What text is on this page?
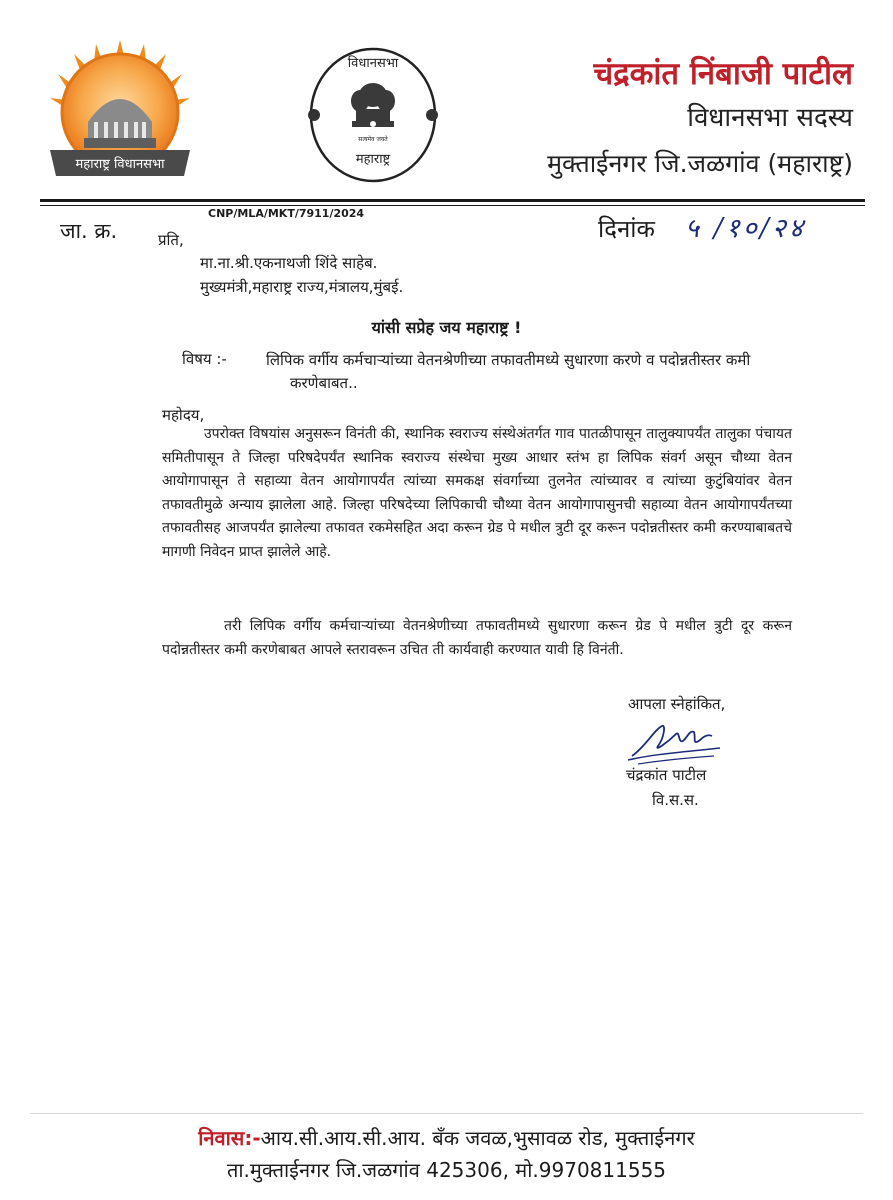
महाराष्ट्र विधानसभा
विधानसभा
सत्यमेव जयते
महाराष्ट्र
चंद्रकांत निंबाजी पाटील
विधानसभा सदस्य
मुक्ताईनगर जि.जळगांव (महाराष्ट्र)
CNP/MLA/MKT/7911/2024
जा. क्र.	दिनांक ५ /१०/२४
प्रति,
मा.ना.श्री.एकनाथजी शिंदे साहेब.
मुख्यमंत्री,महाराष्ट्र राज्य,मंत्रालय,मुंबई.
यांसी सप्रेह जय महाराष्ट्र !
विषय :-	लिपिक वर्गीय कर्मचाऱ्यांच्या वेतनश्रेणीच्या तफावतीमध्ये सुधारणा करणे व पदोन्नतीस्तर कमी करणेबाबत..
महोदय,
उपरोक्त विषयांस अनुसरून विनंती की, स्थानिक स्वराज्य संस्थेअंतर्गत गाव पातळीपासून तालुक्यापर्यंत तालुका पंचायत समितीपासून ते जिल्हा परिषदेपर्यंत स्थानिक स्वराज्य संस्थेचा मुख्य आधार स्तंभ हा लिपिक संवर्ग असून चौथ्या वेतन आयोगापासून ते सहाव्या वेतन आयोगापर्यंत त्यांच्या समकक्ष संवर्गाच्या तुलनेत त्यांच्यावर व त्यांच्या कुटुंबियांवर वेतन तफावतीमुळे अन्याय झालेला आहे. जिल्हा परिषदेच्या लिपिकाची चौथ्या वेतन आयोगापासुनची सहाव्या वेतन आयोगापर्यंतच्या तफावतीसह आजपर्यंत झालेल्या तफावत रकमेसहित अदा करून ग्रेड पे मधील त्रुटी दूर करून पदोन्नतीस्तर कमी करण्याबाबतचे मागणी निवेदन प्राप्त झालेले आहे.
तरी लिपिक वर्गीय कर्मचाऱ्यांच्या वेतनश्रेणीच्या तफावतीमध्ये सुधारणा करून ग्रेड पे मधील त्रुटी दूर करून पदोन्नतीस्तर कमी करणेबाबत आपले स्तरावरून उचित ती कार्यवाही करण्यात यावी हि विनंती.
आपला स्नेहांकित,
चंद्रकांत पाटील
वि.स.स.
निवास:-आय.सी.आय.सी.आय. बँक जवळ,भुसावळ रोड, मुक्ताईनगर
ता.मुक्ताईनगर जि.जळगांव 425306, मो.9970811555
